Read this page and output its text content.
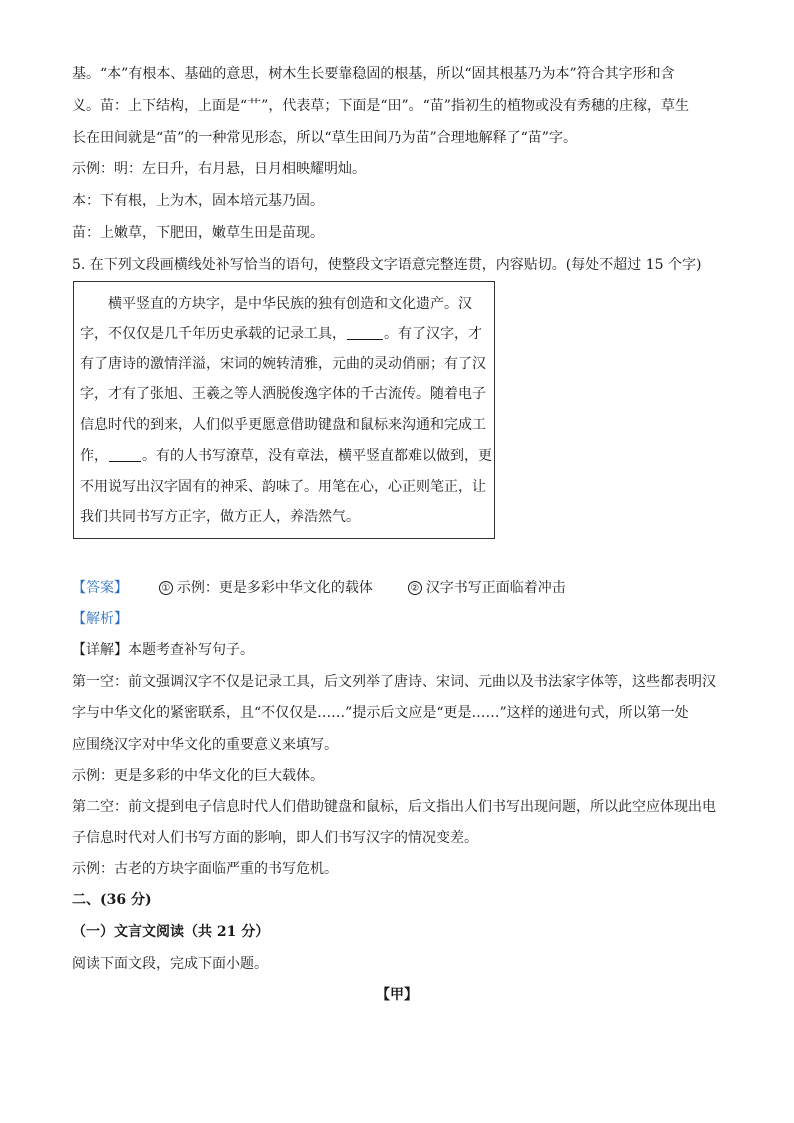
基。“本”有根本、基础的意思，树木生长要靠稳固的根基，所以“固其根基乃为本”符合其字形和含
义。苗：上下结构，上面是“艹”，代表草；下面是“田”。“苗”指初生的植物或没有秀穗的庄稼，草生
长在田间就是“苗”的一种常见形态，所以“草生田间乃为苗”合理地解释了“苗”字。
示例：明：左日升，右月悬，日月相映耀明灿。
本：下有根，上为木，固本培元基乃固。
苗：上嫩草，下肥田，嫩草生田是苗现。
5. 在下列文段画横线处补写恰当的语句，使整段文字语意完整连贯，内容贴切。(每处不超过 15 个字)
横平竖直的方块字，是中华民族的独有创造和文化遗产。汉
字，不仅仅是几千年历史承载的记录工具，	。有了汉字，才
有了唐诗的激情洋溢，宋词的婉转清雅，元曲的灵动俏丽；有了汉
字，才有了张旭、王羲之等人洒脱俊逸字体的千古流传。随着电子
信息时代的到来，人们似乎更愿意借助键盘和鼠标来沟通和完成工
作， 。有的人书写潦草，没有章法，横平竖直都难以做到，更
不用说写出汉字固有的神采、韵味了。用笔在心，心正则笔正，让
我们共同书写方正字，做方正人，养浩然气。
【答案】	① 示例：更是多彩中华文化的载体	② 汉字书写正面临着冲击
【解析】
【详解】本题考查补写句子。
第一空：前文强调汉字不仅是记录工具，后文列举了唐诗、宋词、元曲以及书法家字体等，这些都表明汉
字与中华文化的紧密联系，且“不仅仅是……”提示后文应是“更是……”这样的递进句式，所以第一处
应围绕汉字对中华文化的重要意义来填写。
示例：更是多彩的中华文化的巨大载体。
第二空：前文提到电子信息时代人们借助键盘和鼠标，后文指出人们书写出现问题，所以此空应体现出电
子信息时代对人们书写方面的影响，即人们书写汉字的情况变差。
示例：古老的方块字面临严重的书写危机。
二、(36 分)
（一）文言文阅读（共 21 分）
阅读下面文段，完成下面小题。
【甲】
